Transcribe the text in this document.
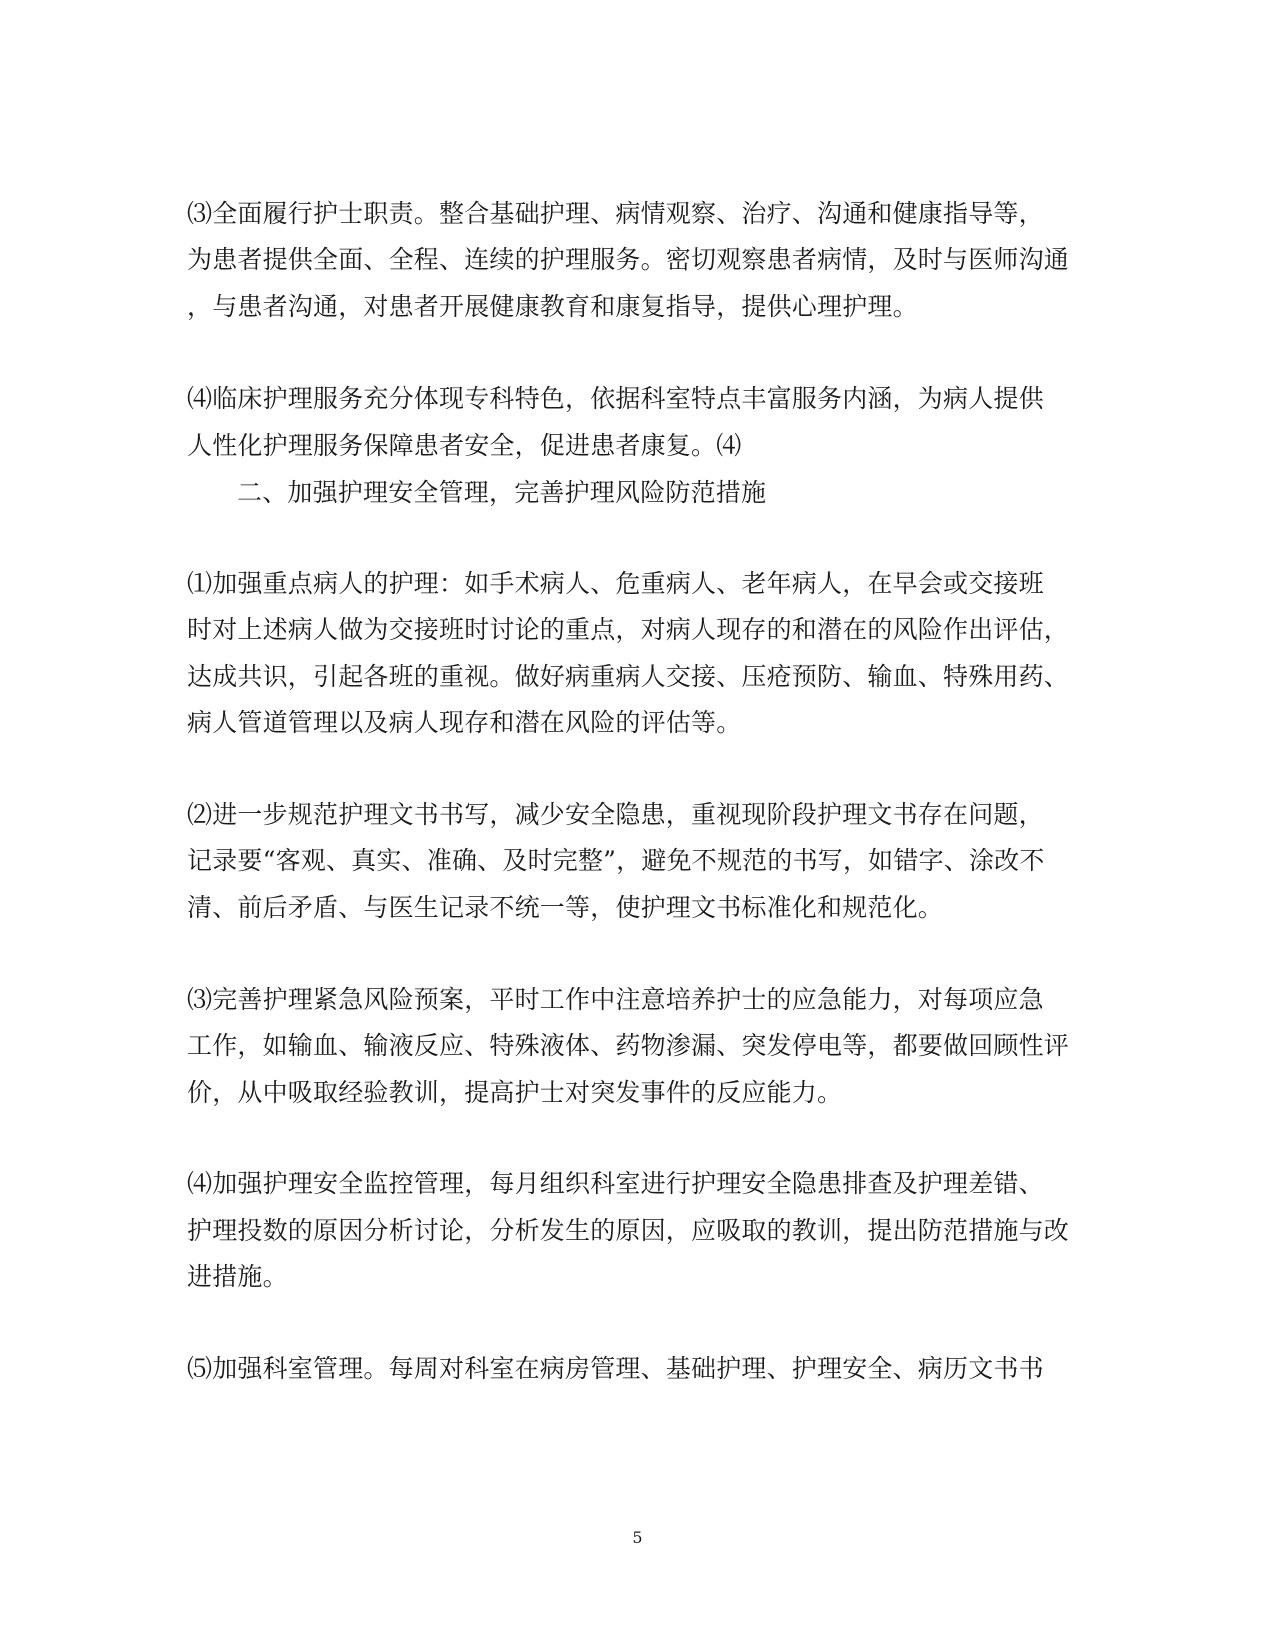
⑶全面履行护士职责。整合基础护理、病情观察、治疗、沟通和健康指导等，
为患者提供全面、全程、连续的护理服务。密切观察患者病情，及时与医师沟通
，与患者沟通，对患者开展健康教育和康复指导，提供心理护理。
⑷临床护理服务充分体现专科特色，依据科室特点丰富服务内涵，为病人提供
人性化护理服务保障患者安全，促进患者康复。⑷
二、加强护理安全管理，完善护理风险防范措施
⑴加强重点病人的护理：如手术病人、危重病人、老年病人，在早会或交接班
时对上述病人做为交接班时讨论的重点，对病人现存的和潜在的风险作出评估，
达成共识，引起各班的重视。做好病重病人交接、压疮预防、输血、特殊用药、
病人管道管理以及病人现存和潜在风险的评估等。
⑵进一步规范护理文书书写，减少安全隐患，重视现阶段护理文书存在问题，
记录要“客观、真实、准确、及时完整”，避免不规范的书写，如错字、涂改不
清、前后矛盾、与医生记录不统一等，使护理文书标准化和规范化。
⑶完善护理紧急风险预案，平时工作中注意培养护士的应急能力，对每项应急
工作，如输血、输液反应、特殊液体、药物渗漏、突发停电等，都要做回顾性评
价，从中吸取经验教训，提高护士对突发事件的反应能力。
⑷加强护理安全监控管理，每月组织科室进行护理安全隐患排查及护理差错、
护理投数的原因分析讨论，分析发生的原因，应吸取的教训，提出防范措施与改
进措施。
⑸加强科室管理。每周对科室在病房管理、基础护理、护理安全、病历文书书
5
